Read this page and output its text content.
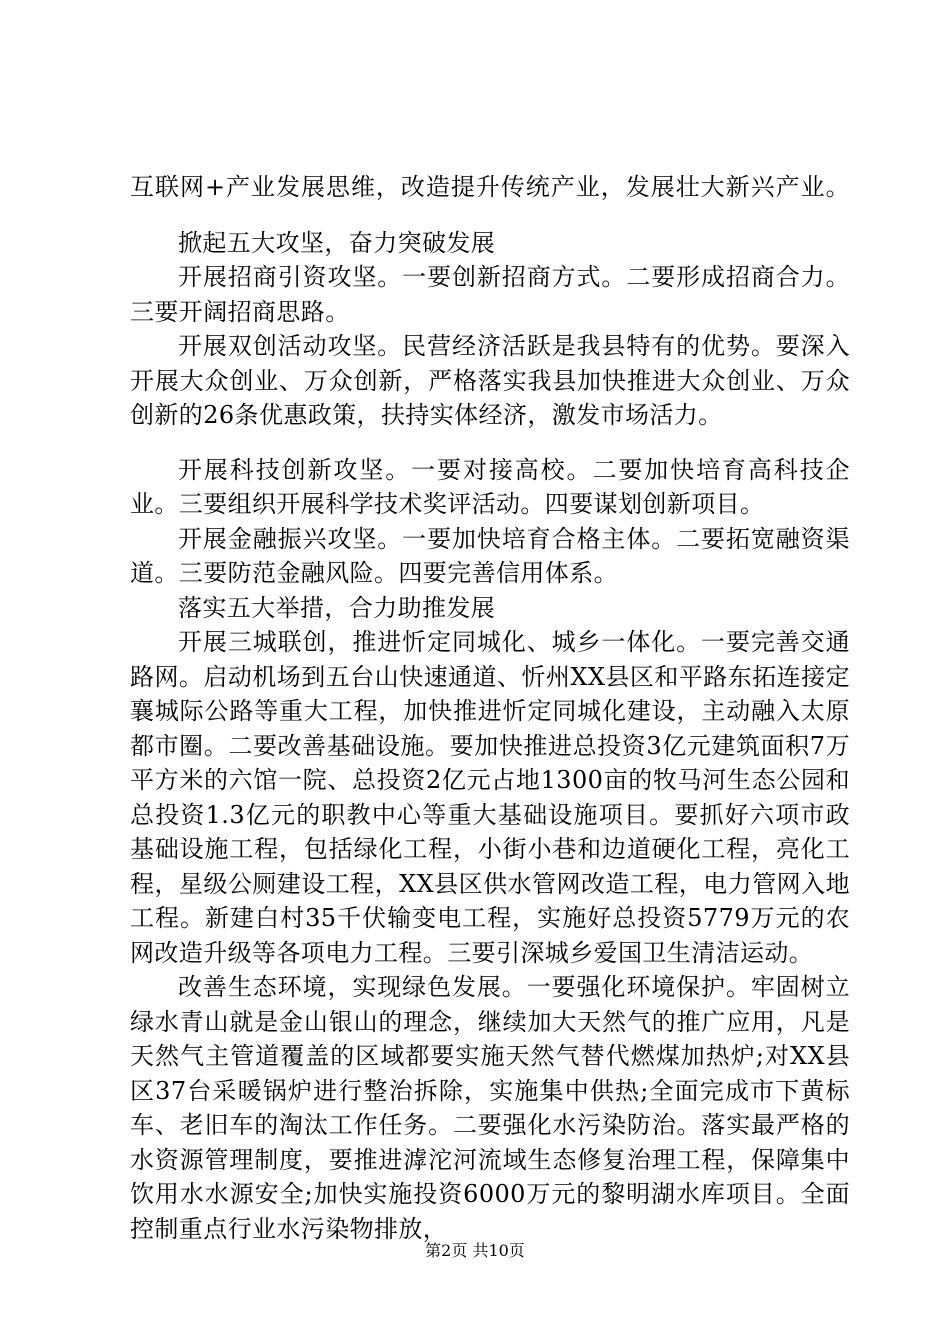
互联网+产业发展思维，改造提升传统产业，发展壮大新兴产业。

掀起五大攻坚，奋力突破发展

开展招商引资攻坚。一要创新招商方式。二要形成招商合力。三要开阔招商思路。

开展双创活动攻坚。民营经济活跃是我县特有的优势。要深入开展大众创业、万众创新，严格落实我县加快推进大众创业、万众创新的26条优惠政策，扶持实体经济，激发市场活力。

开展科技创新攻坚。一要对接高校。二要加快培育高科技企业。三要组织开展科学技术奖评活动。四要谋划创新项目。

开展金融振兴攻坚。一要加快培育合格主体。二要拓宽融资渠道。三要防范金融风险。四要完善信用体系。

落实五大举措，合力助推发展

开展三城联创，推进忻定同城化、城乡一体化。一要完善交通路网。启动机场到五台山快速通道、忻州XX县区和平路东拓连接定襄城际公路等重大工程，加快推进忻定同城化建设，主动融入太原都市圈。二要改善基础设施。要加快推进总投资3亿元建筑面积7万平方米的六馆一院、总投资2亿元占地1300亩的牧马河生态公园和总投资1.3亿元的职教中心等重大基础设施项目。要抓好六项市政基础设施工程，包括绿化工程，小街小巷和边道硬化工程，亮化工程，星级公厕建设工程，XX县区供水管网改造工程，电力管网入地工程。新建白村35千伏输变电工程，实施好总投资5779万元的农网改造升级等各项电力工程。三要引深城乡爱国卫生清洁运动。

改善生态环境，实现绿色发展。一要强化环境保护。牢固树立绿水青山就是金山银山的理念，继续加大天然气的推广应用，凡是天然气主管道覆盖的区域都要实施天然气替代燃煤加热炉;对XX县区37台采暖锅炉进行整治拆除，实施集中供热;全面完成市下黄标车、老旧车的淘汰工作任务。二要强化水污染防治。落实最严格的水资源管理制度，要推进滹沱河流域生态修复治理工程，保障集中饮用水水源安全;加快实施投资6000万元的黎明湖水库项目。全面控制重点行业水污染物排放，

第2页 共10页
